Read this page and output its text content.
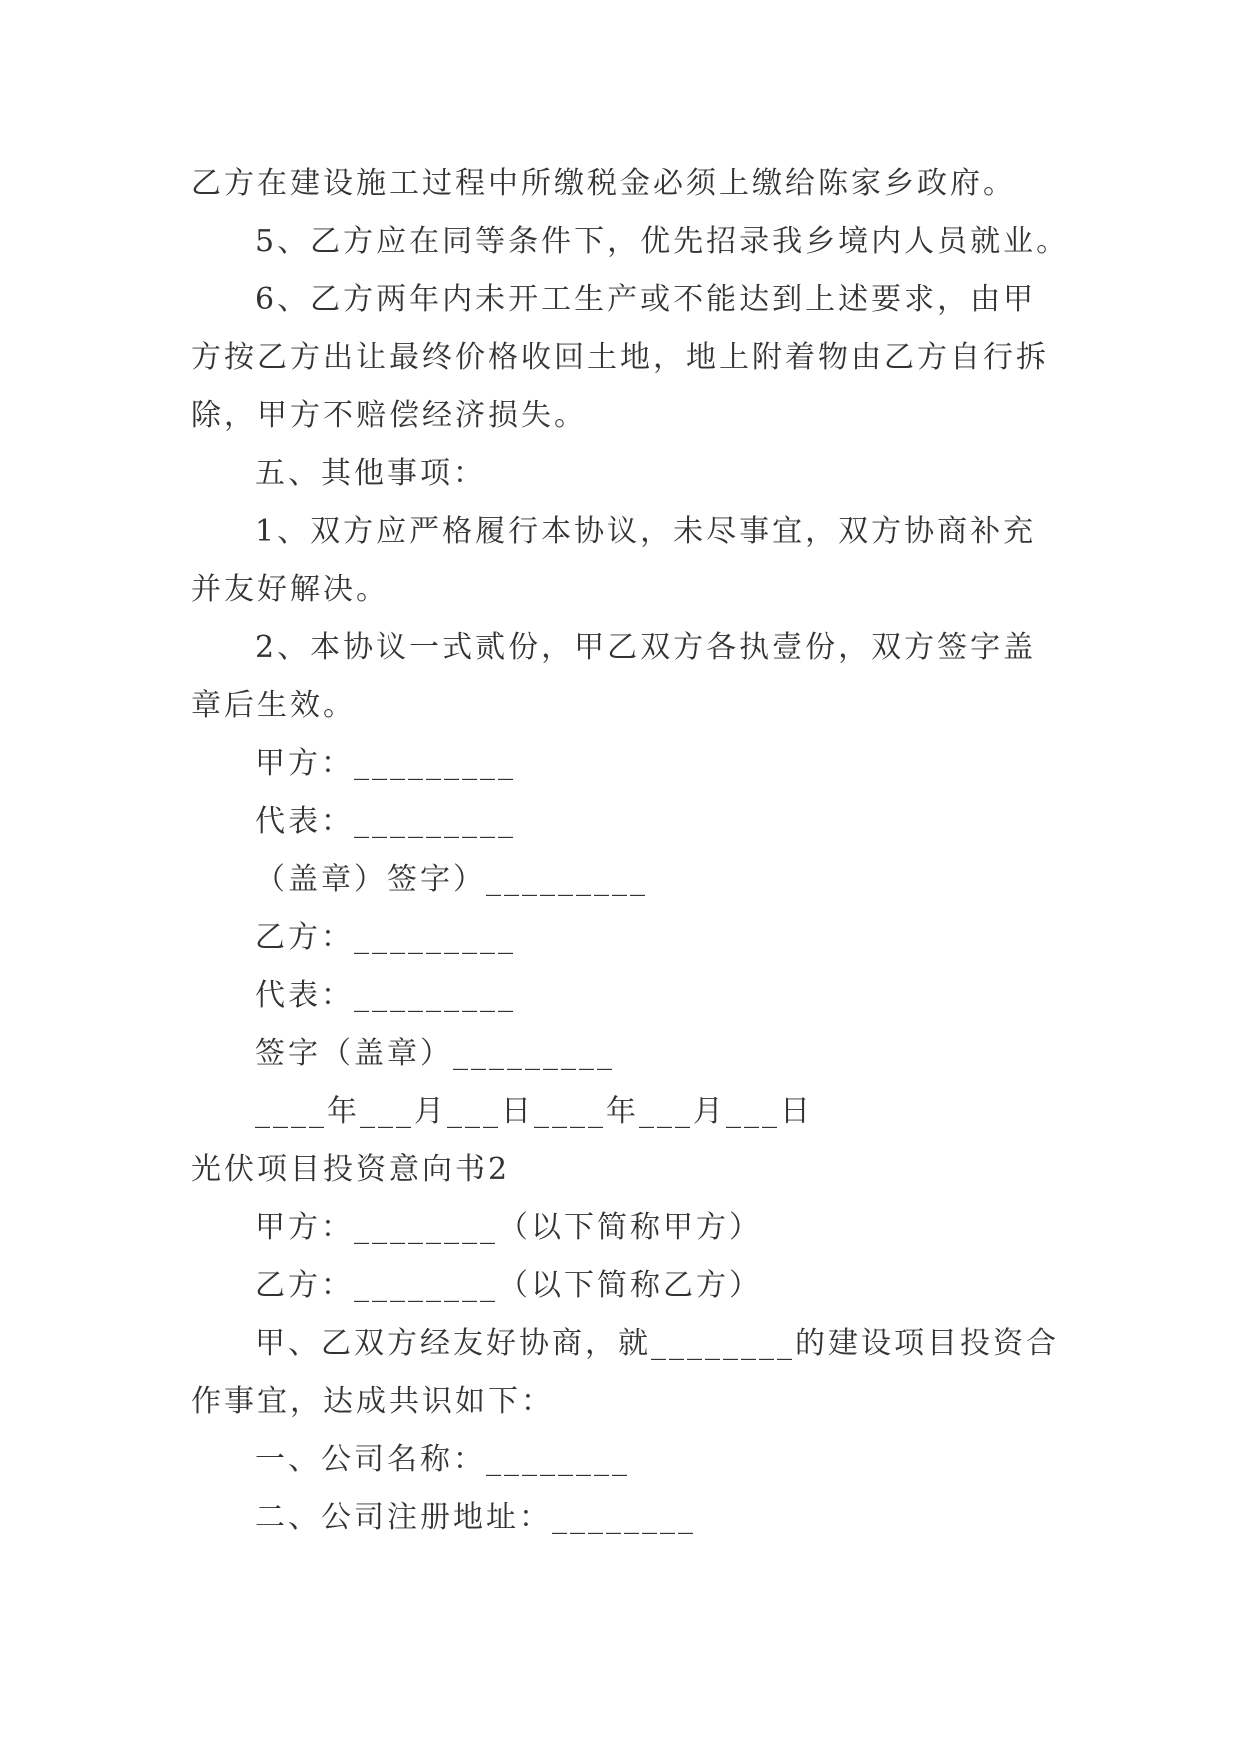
乙方在建设施工过程中所缴税金必须上缴给陈家乡政府。
5、乙方应在同等条件下，优先招录我乡境内人员就业。
6、乙方两年内未开工生产或不能达到上述要求，由甲
方按乙方出让最终价格收回土地，地上附着物由乙方自行拆
除，甲方不赔偿经济损失。
五、其他事项：
1、双方应严格履行本协议，未尽事宜，双方协商补充
并友好解决。
2、本协议一式贰份，甲乙双方各执壹份，双方签字盖
章后生效。
甲方：_________
代表：_________
（盖章）签字）_________
乙方：_________
代表：_________
签字（盖章）_________
____年___月___日____年___月___日
光伏项目投资意向书2
甲方：________（以下简称甲方）
乙方：________（以下简称乙方）
甲、乙双方经友好协商，就________的建设项目投资合
作事宜，达成共识如下：
一、公司名称：________
二、公司注册地址：________
